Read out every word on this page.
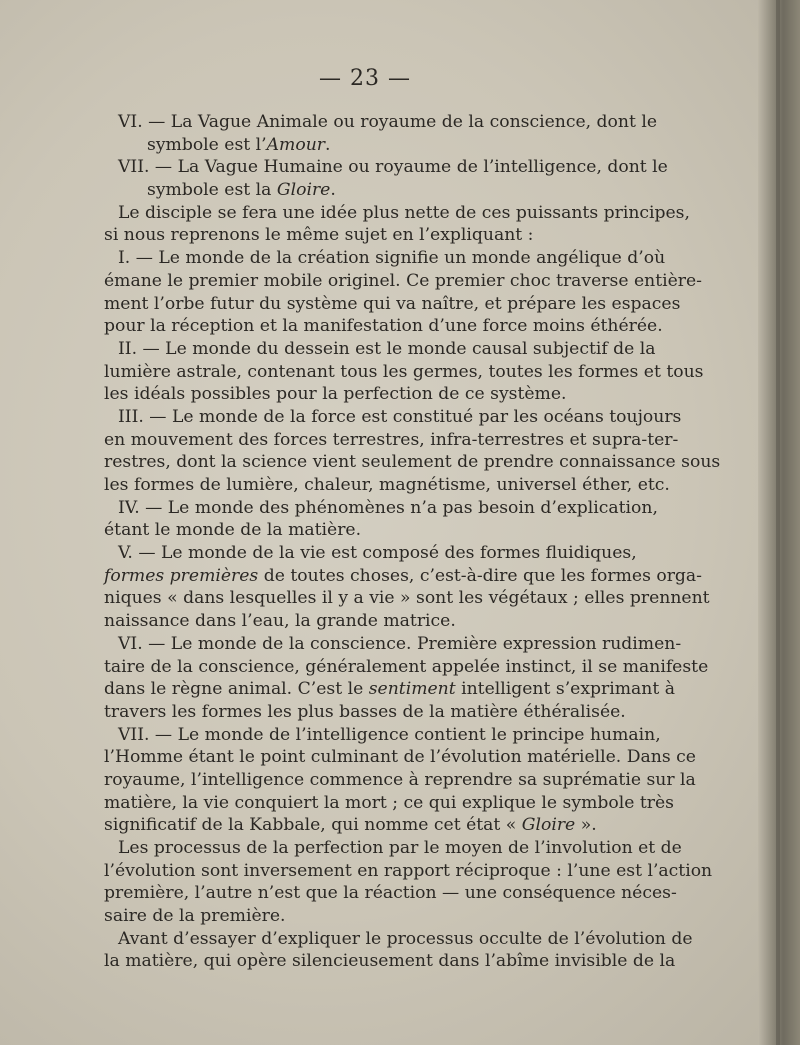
— 23 —
VI. — La Vague Animale ou royaume de la conscience, dont le
symbole est l’Amour.
VII. — La Vague Humaine ou royaume de l’intelligence, dont le
symbole est la Gloire.
Le disciple se fera une idée plus nette de ces puissants principes,
si nous reprenons le même sujet en l’expliquant :
I. — Le monde de la création signifie un monde angélique d’où
émane le premier mobile originel. Ce premier choc traverse entière-
ment l’orbe futur du système qui va naître, et prépare les espaces
pour la réception et la manifestation d’une force moins éthérée.
II. — Le monde du dessein est le monde causal subjectif de la
lumière astrale, contenant tous les germes, toutes les formes et tous
les idéals possibles pour la perfection de ce système.
III. — Le monde de la force est constitué par les océans toujours
en mouvement des forces terrestres, infra-terrestres et supra-ter-
restres, dont la science vient seulement de prendre connaissance sous
les formes de lumière, chaleur, magnétisme, universel éther, etc.
IV. — Le monde des phénomènes n’a pas besoin d’explication,
étant le monde de la matière.
V. — Le monde de la vie est composé des formes fluidiques,
formes premières de toutes choses, c’est-à-dire que les formes orga-
niques « dans lesquelles il y a vie » sont les végétaux ; elles prennent
naissance dans l’eau, la grande matrice.
VI. — Le monde de la conscience. Première expression rudimen-
taire de la conscience, généralement appelée instinct, il se manifeste
dans le règne animal. C’est le sentiment intelligent s’exprimant à
travers les formes les plus basses de la matière éthéralisée.
VII. — Le monde de l’intelligence contient le principe humain,
l’Homme étant le point culminant de l’évolution matérielle. Dans ce
royaume, l’intelligence commence à reprendre sa suprématie sur la
matière, la vie conquiert la mort ; ce qui explique le symbole très
significatif de la Kabbale, qui nomme cet état « Gloire ».
Les processus de la perfection par le moyen de l’involution et de
l’évolution sont inversement en rapport réciproque : l’une est l’action
première, l’autre n’est que la réaction — une conséquence néces-
saire de la première.
Avant d’essayer d’expliquer le processus occulte de l’évolution de
la matière, qui opère silencieusement dans l’abîme invisible de la
